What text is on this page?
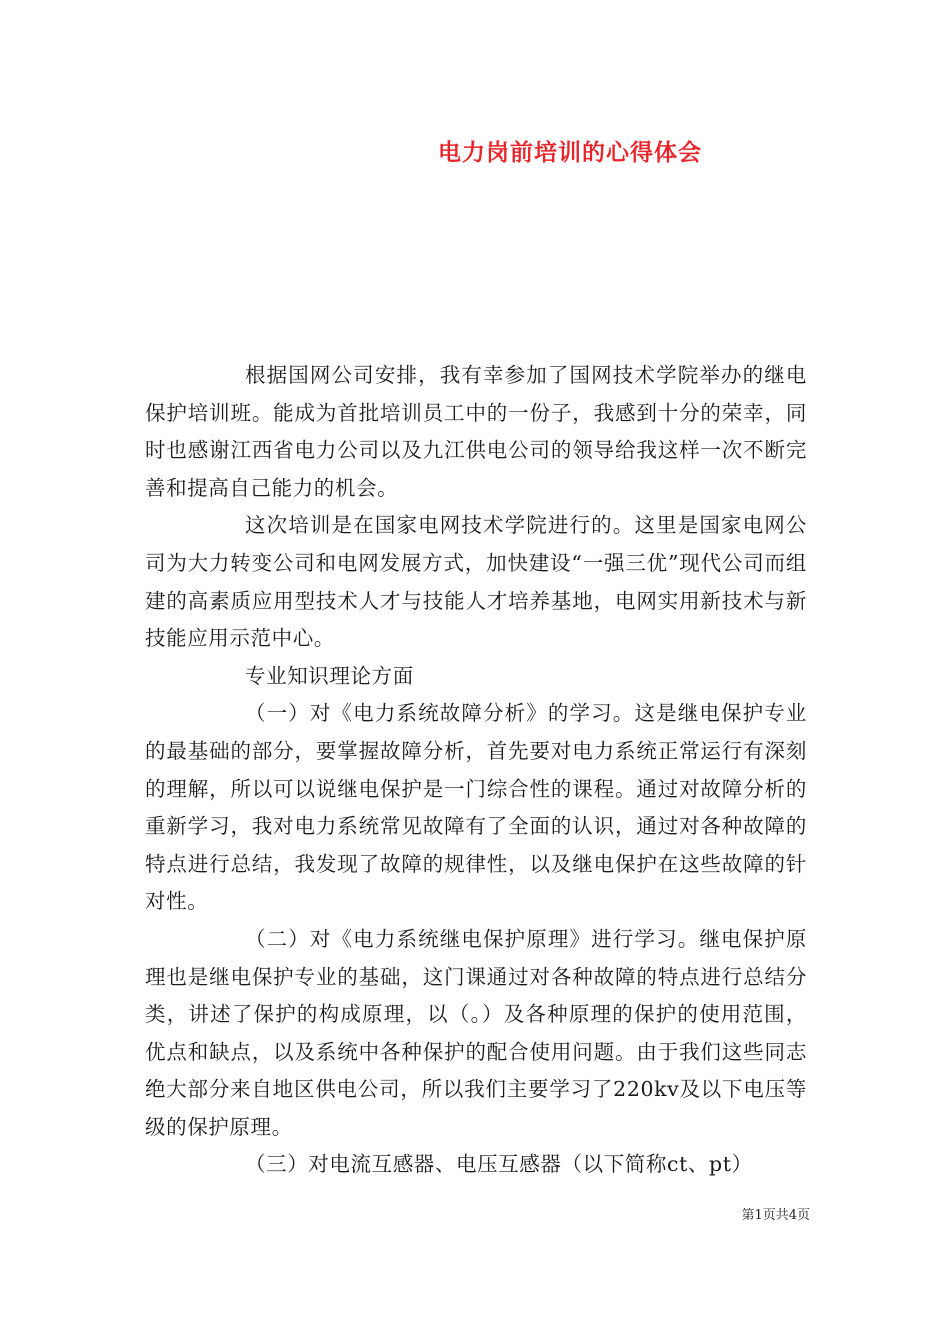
电力岗前培训的心得体会

根据国网公司安排，我有幸参加了国网技术学院举办的继电保护培训班。能成为首批培训员工中的一份子，我感到十分的荣幸，同时也感谢江西省电力公司以及九江供电公司的领导给我这样一次不断完善和提高自己能力的机会。

这次培训是在国家电网技术学院进行的。这里是国家电网公司为大力转变公司和电网发展方式，加快建设“一强三优”现代公司而组建的高素质应用型技术人才与技能人才培养基地，电网实用新技术与新技能应用示范中心。

专业知识理论方面

（一）对《电力系统故障分析》的学习。这是继电保护专业的最基础的部分，要掌握故障分析，首先要对电力系统正常运行有深刻的理解，所以可以说继电保护是一门综合性的课程。通过对故障分析的重新学习，我对电力系统常见故障有了全面的认识，通过对各种故障的特点进行总结，我发现了故障的规律性，以及继电保护在这些故障的针对性。

（二）对《电力系统继电保护原理》进行学习。继电保护原理也是继电保护专业的基础，这门课通过对各种故障的特点进行总结分类，讲述了保护的构成原理，以（。）及各种原理的保护的使用范围，优点和缺点，以及系统中各种保护的配合使用问题。由于我们这些同志绝大部分来自地区供电公司，所以我们主要学习了220kv及以下电压等级的保护原理。

（三）对电流互感器、电压互感器（以下简称ct、pt）

第1页共4页
